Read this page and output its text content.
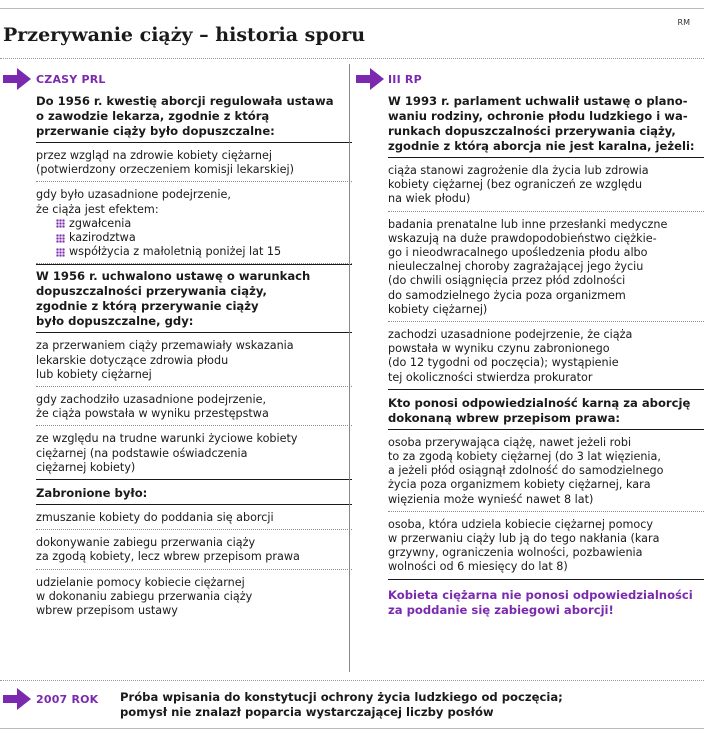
RM
Przerywanie ciąży – historia sporu
CZASY PRL
Do 1956 r. kwestię aborcji regulowała ustawa
o zawodzie lekarza, zgodnie z którą
przerwanie ciąży było dopuszczalne:
przez wzgląd na zdrowie kobiety ciężarnej
(potwierdzony orzeczeniem komisji lekarskiej)
gdy było uzasadnione podejrzenie,
że ciąża jest efektem:
zgwałcenia
kazirodztwa
współżycia z małoletnią poniżej lat 15
W 1956 r. uchwalono ustawę o warunkach
dopuszczalności przerywania ciąży,
zgodnie z którą przerywanie ciąży
było dopuszczalne, gdy:
za przerwaniem ciąży przemawiały wskazania
lekarskie dotyczące zdrowia płodu
lub kobiety ciężarnej
gdy zachodziło uzasadnione podejrzenie,
że ciąża powstała w wyniku przestępstwa
ze względu na trudne warunki życiowe kobiety
ciężarnej (na podstawie oświadczenia
ciężarnej kobiety)
Zabronione było:
zmuszanie kobiety do poddania się aborcji
dokonywanie zabiegu przerwania ciąży
za zgodą kobiety, lecz wbrew przepisom prawa
udzielanie pomocy kobiecie ciężarnej
w dokonaniu zabiegu przerwania ciąży
wbrew przepisom ustawy
III RP
W 1993 r. parlament uchwalił ustawę o plano-
waniu rodziny, ochronie płodu ludzkiego i wa-
runkach dopuszczalności przerywania ciąży,
zgodnie z którą aborcja nie jest karalna, jeżeli:
ciąża stanowi zagrożenie dla życia lub zdrowia
kobiety ciężarnej (bez ograniczeń ze względu
na wiek płodu)
badania prenatalne lub inne przesłanki medyczne
wskazują na duże prawdopodobieństwo ciężkie-
go i nieodwracalnego upośledzenia płodu albo
nieuleczalnej choroby zagrażającej jego życiu
(do chwili osiągnięcia przez płód zdolności
do samodzielnego życia poza organizmem
kobiety ciężarnej)
zachodzi uzasadnione podejrzenie, że ciąża
powstała w wyniku czynu zabronionego
(do 12 tygodni od poczęcia); wystąpienie
tej okoliczności stwierdza prokurator
Kto ponosi odpowiedzialność karną za aborcję
dokonaną wbrew przepisom prawa:
osoba przerywająca ciążę, nawet jeżeli robi
to za zgodą kobiety ciężarnej (do 3 lat więzienia,
a jeżeli płód osiągnął zdolność do samodzielnego
życia poza organizmem kobiety ciężarnej, kara
więzienia może wynieść nawet 8 lat)
osoba, która udziela kobiecie ciężarnej pomocy
w przerwaniu ciąży lub ją do tego nakłania (kara
grzywny, ograniczenia wolności, pozbawienia
wolności od 6 miesięcy do lat 8)
Kobieta ciężarna nie ponosi odpowiedzialności
za poddanie się zabiegowi aborcji!
2007 ROK Próba wpisania do konstytucji ochrony życia ludzkiego od poczęcia;
pomysł nie znalazł poparcia wystarczającej liczby posłów
